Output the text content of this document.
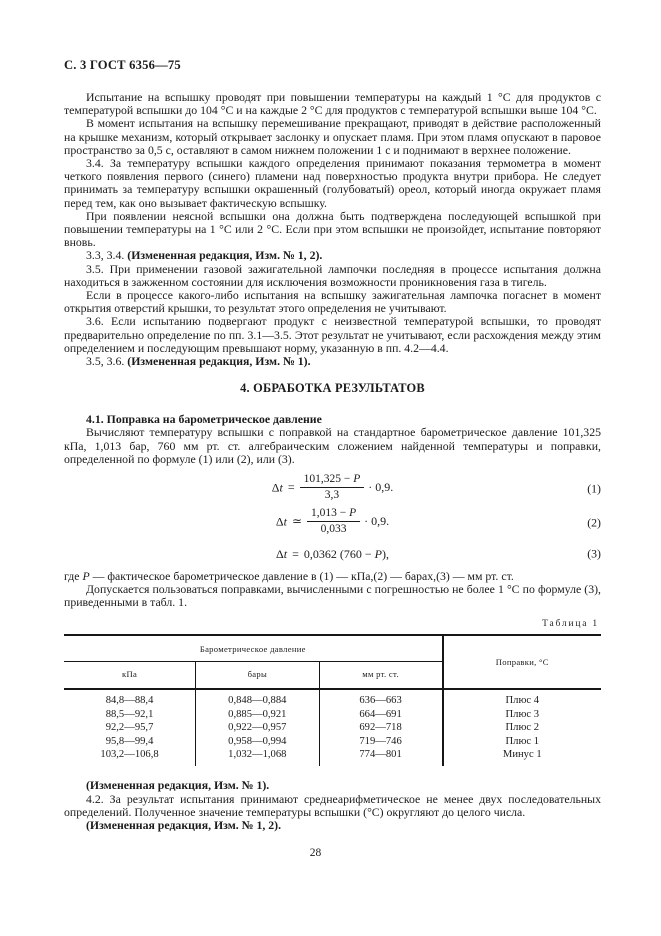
С. 3 ГОСТ 6356—75

Испытание на вспышку проводят при повышении температуры на каждый 1 °С для продуктов с температурой вспышки до 104 °С и на каждые 2 °С для продуктов с температурой вспышки выше 104 °С.

В момент испытания на вспышку перемешивание прекращают, приводят в действие расположенный на крышке механизм, который открывает заслонку и опускает пламя. При этом пламя опускают в паровое пространство за 0,5 с, оставляют в самом нижнем положении 1 с и поднимают в верхнее положение.

3.4. За температуру вспышки каждого определения принимают показания термометра в момент четкого появления первого (синего) пламени над поверхностью продукта внутри прибора. Не следует принимать за температуру вспышки окрашенный (голубоватый) ореол, который иногда окружает пламя перед тем, как оно вызывает фактическую вспышку.

При появлении неясной вспышки она должна быть подтверждена последующей вспышкой при повышении температуры на 1 °С или 2 °С. Если при этом вспышки не произойдет, испытание повторяют вновь.

3.3, 3.4. (Измененная редакция, Изм. № 1, 2).

3.5. При применении газовой зажигательной лампочки последняя в процессе испытания должна находиться в зажженном состоянии для исключения возможности проникновения газа в тигель.

Если в процессе какого-либо испытания на вспышку зажигательная лампочка погаснет в момент открытия отверстий крышки, то результат этого определения не учитывают.

3.6. Если испытанию подвергают продукт с неизвестной температурой вспышки, то проводят предварительно определение по пп. 3.1—3.5. Этот результат не учитывают, если расхождения между этим определением и последующим превышают норму, указанную в пп. 4.2—4.4.

3.5, 3.6. (Измененная редакция, Изм. № 1).

4. ОБРАБОТКА РЕЗУЛЬТАТОВ

4.1. Поправка на барометрическое давление

Вычисляют температуру вспышки с поправкой на стандартное барометрическое давление 101,325 кПа, 1,013 бар, 760 мм рт. ст. алгебраическим сложением найденной температуры и поправки, определенной по формуле (1) или (2), или (3).

$\Delta t = \frac{101,325 - P}{3,3} \cdot 0,9$.	(1)
Δt ≃ $\frac{1,013 - P}{0,033} \cdot 0,9$.	(2)
Δt = 0,0362 (760 − P),	(3)

где P — фактическое барометрическое давление в (1) — кПа,(2) — барах,(3) — мм рт. ст.

Допускается пользоваться поправками, вычисленными с погрешностью не более 1 °С по формуле (3), приведенными в табл. 1.

Таблица 1
Барометрическое давление			Поправки, °С
кПа	бары	мм рт. ст.	
84,8—88,4	0,848—0,884	636—663	Плюс 4
88,5—92,1	0,885—0,921	664—691	Плюс 3
92,2—95,7	0,922—0,957	692—718	Плюс 2
95,8—99,4	0,958—0,994	719—746	Плюс 1
103,2—106,8	1,032—1,068	774—801	Минус 1

(Измененная редакция, Изм. № 1).

4.2. За результат испытания принимают среднеарифметическое не менее двух последовательных определений. Полученное значение температуры вспышки (°С) округляют до целого числа.

(Измененная редакция, Изм. № 1, 2).

28
